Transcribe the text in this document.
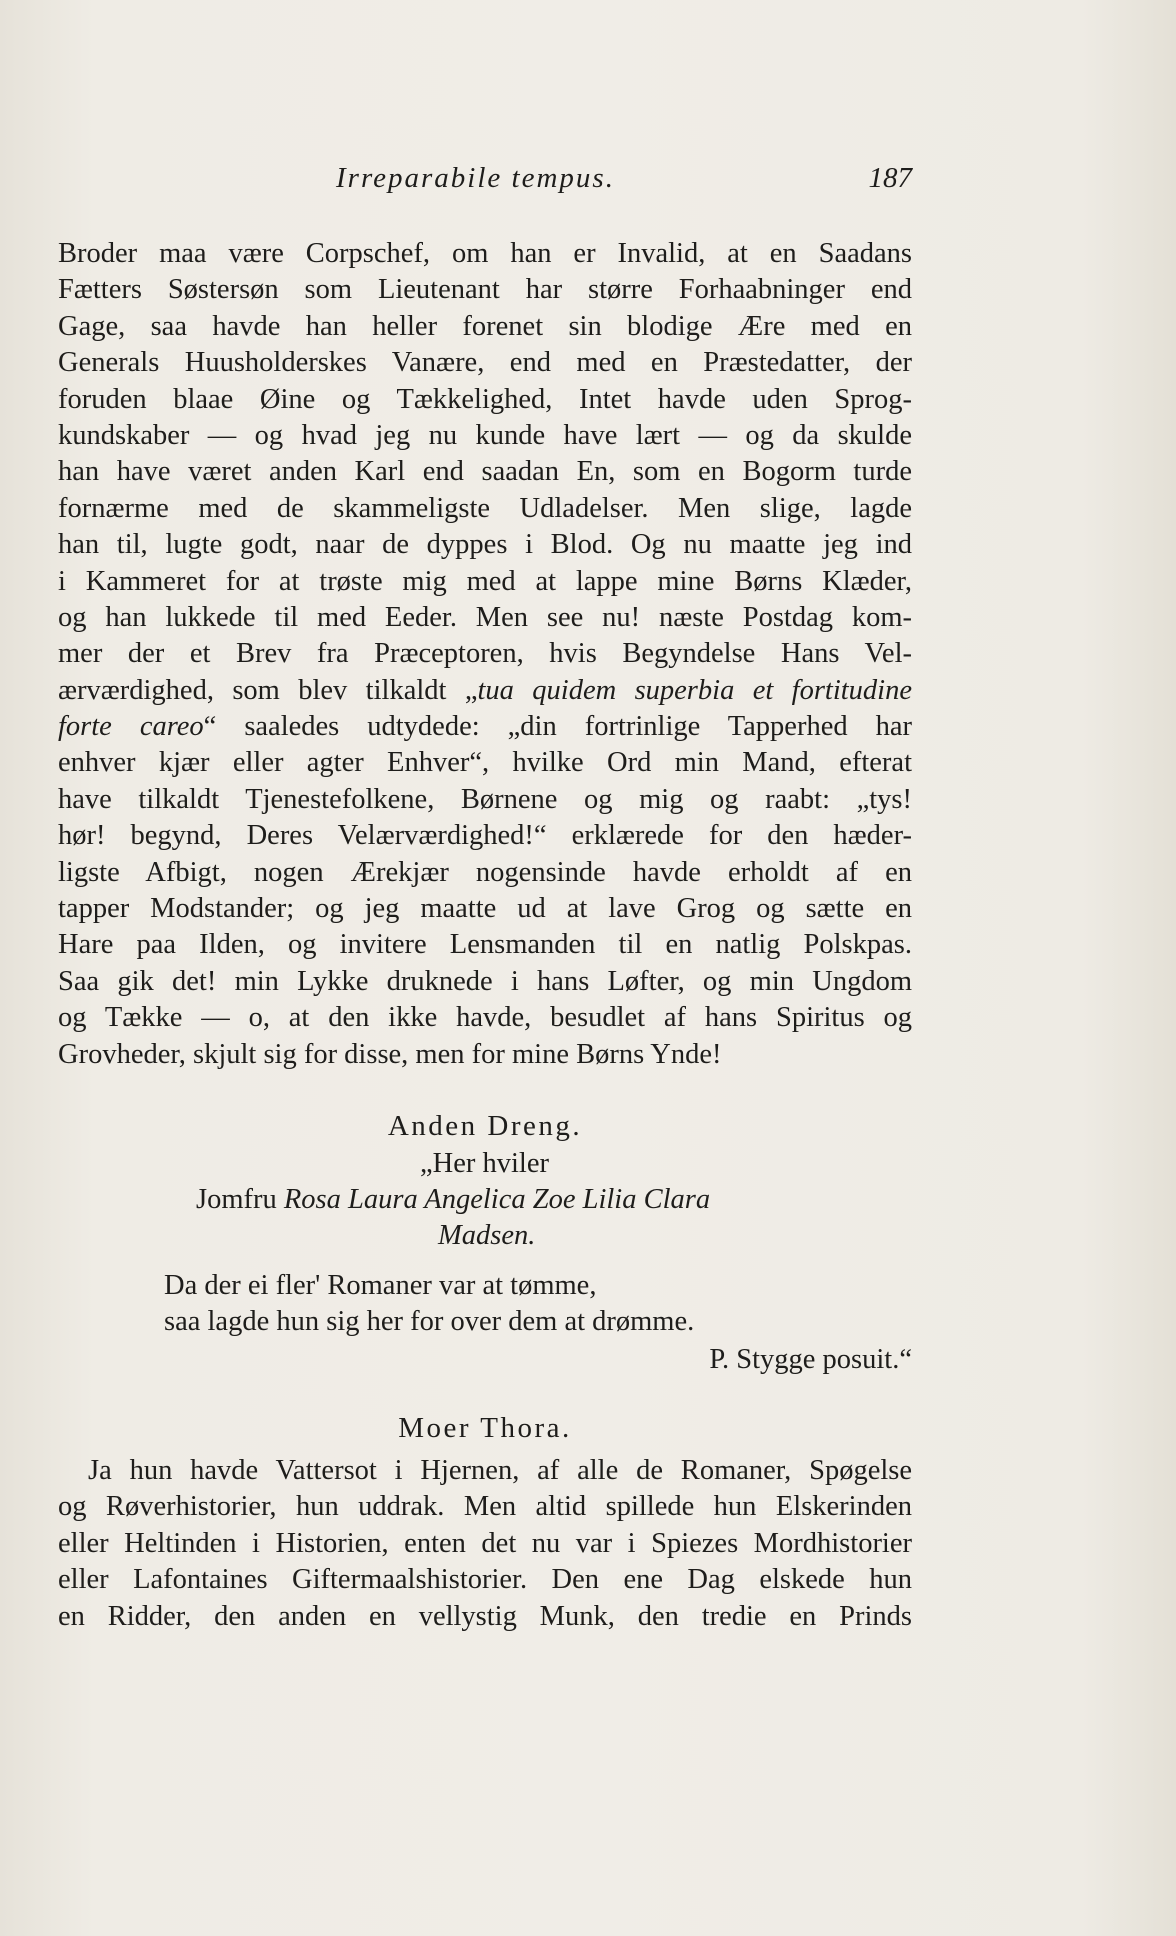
Irreparabile tempus.	187
Broder maa være Corpschef, om han er Invalid, at en Saadans
Fætters Søstersøn som Lieutenant har større Forhaabninger end
Gage, saa havde han heller forenet sin blodige Ære med en
Generals Huusholderskes Vanære, end med en Præstedatter, der
foruden blaae Øine og Tækkelighed, Intet havde uden Sprog-
kundskaber — og hvad jeg nu kunde have lært — og da skulde
han have været anden Karl end saadan En, som en Bogorm turde
fornærme med de skammeligste Udladelser. Men slige, lagde
han til, lugte godt, naar de dyppes i Blod. Og nu maatte jeg ind
i Kammeret for at trøste mig med at lappe mine Børns Klæder,
og han lukkede til med Eeder. Men see nu! næste Postdag kom-
mer der et Brev fra Præceptoren, hvis Begyndelse Hans Vel-
ærværdighed, som blev tilkaldt „tua quidem superbia et fortitudine
forte careo“ saaledes udtydede: „din fortrinlige Tapperhed har
enhver kjær eller agter Enhver“, hvilke Ord min Mand, efterat
have tilkaldt Tjenestefolkene, Børnene og mig og raabt: „tys!
hør! begynd, Deres Velærværdighed!“ erklærede for den hæder-
ligste Afbigt, nogen Ærekjær nogensinde havde erholdt af en
tapper Modstander; og jeg maatte ud at lave Grog og sætte en
Hare paa Ilden, og invitere Lensmanden til en natlig Polskpas.
Saa gik det! min Lykke druknede i hans Løfter, og min Ungdom
og Tække — o, at den ikke havde, besudlet af hans Spiritus og
Grovheder, skjult sig for disse, men for mine Børns Ynde!
Anden Dreng.
„Her hviler
Jomfru Rosa Laura Angelica Zoe Lilia Clara
Madsen.
Da der ei fler' Romaner var at tømme,
saa lagde hun sig her for over dem at drømme.
P. Stygge posuit.“
Moer Thora.
Ja hun havde Vattersot i Hjernen, af alle de Romaner, Spøgelse
og Røverhistorier, hun uddrak. Men altid spillede hun Elskerinden
eller Heltinden i Historien, enten det nu var i Spiezes Mordhistorier
eller Lafontaines Giftermaalshistorier. Den ene Dag elskede hun
en Ridder, den anden en vellystig Munk, den tredie en Prinds
